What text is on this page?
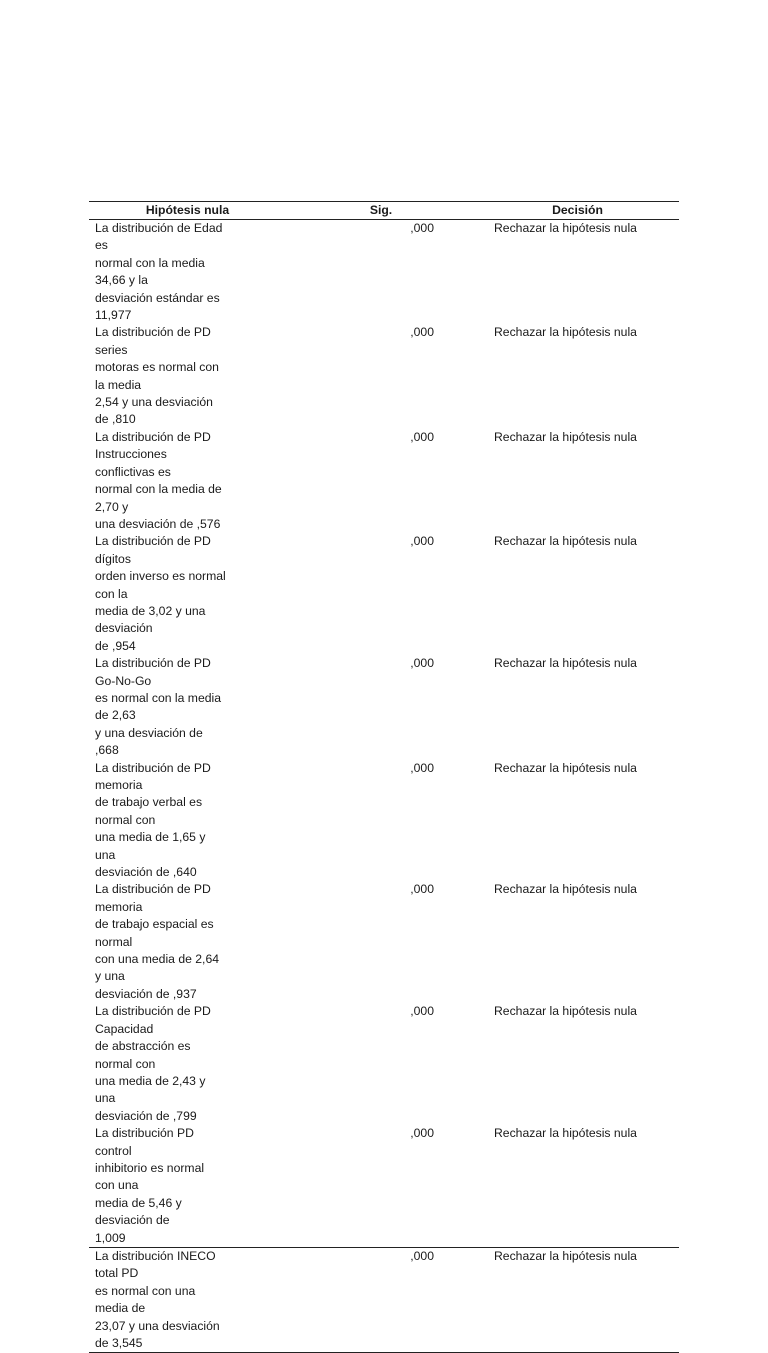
Hipótesis nula	Sig.	Decisión
La distribución de Edad es
normal con la media 34,66 y la
desviación estándar es 11,977
,000	Rechazar la hipótesis nula
La distribución de PD series
motoras es normal con la media
2,54 y una desviación de ,810
,000	Rechazar la hipótesis nula
La distribución de PD
Instrucciones conflictivas es
normal con la media de 2,70 y
una desviación de ,576
,000	Rechazar la hipótesis nula
La distribución de PD dígitos
orden inverso es normal con la
media de 3,02 y una desviación
de ,954
,000	Rechazar la hipótesis nula
La distribución de PD Go-No-Go
es normal con la media de 2,63
y una desviación de ,668
,000	Rechazar la hipótesis nula
La distribución de PD memoria
de trabajo verbal es normal con
una media de 1,65 y una
desviación de ,640
,000	Rechazar la hipótesis nula
La distribución de PD memoria
de trabajo espacial es normal
con una media de 2,64 y una
desviación de ,937
,000	Rechazar la hipótesis nula
La distribución de PD Capacidad
de abstracción es normal con
una media de 2,43 y una
desviación de ,799
,000	Rechazar la hipótesis nula
La distribución PD control
inhibitorio es normal con una
media de 5,46 y desviación de
1,009
,000	Rechazar la hipótesis nula
La distribución INECO total PD
es normal con una media de
23,07 y una desviación de 3,545
,000	Rechazar la hipótesis nula
